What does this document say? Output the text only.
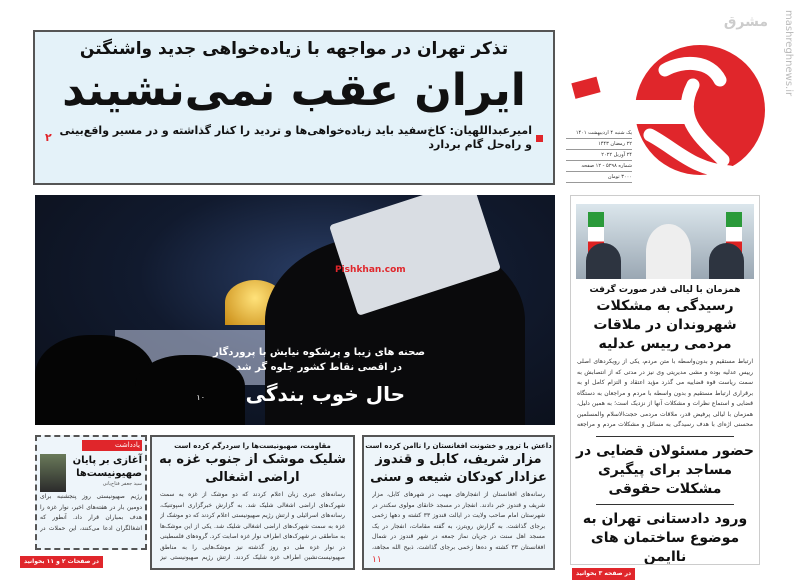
تذکر تهران در مواجهه با زیاده‌خواهی جدید واشنگتن
ایران عقب نمی‌نشیند
امیرعبداللهیان: کاخ‌سفید باید زیاده‌خواهی‌ها و تردید را کنار گذاشته و در مسیر واقع‌بینی و راه‌حل گام بردارد
۲	یک شنبه ۴ اردیبهشت ۱۴۰۱
۲۲ رمضان ۱۴۴۳
۲۴ آوریل ۲۰۲۲
شماره ۵۲۹۸ - ۱۲ صفحه
۳۰۰۰ تومان
mashreghnews.ir
مشرق
Pishkhan.com
صحنه های زیبا و پرشکوه نیایش با پروردگار
در اقصی نقاط کشور جلوه گر شد
حال خوب بندگی
۱۰
همزمان با لیالی قدر صورت گرفت
رسیدگی به مشکلات شهروندان در ملاقات مردمی رییس عدلیه
ارتباط مستقیم و بدون‌واسطه با متن مردم، یکی از رویکردهای اصلی رییس عدلیه بوده و مشی مدیریتی وی نیز در مدتی که از انتصابش به سمت ریاست قوه قضاییه می گذرد مؤید اعتقاد و التزام کامل او به برقراری ارتباط مستقیم و بدون واسطه با مردم و مراجعان به دستگاه قضایی و استماع نظرات و مشکلات آنها از نزدیک است؛ به همین دلیل، همزمان با لیالی پرفیض قدر، ملاقات مردمی حجت‌الاسلام والمسلمین محسنی اژه‌ای با هدف رسیدگی به مسائل و مشکلات مردم و مراجعه
حضور مسئولان قضایی در مساجد برای پیگیری مشکلات حقوقی
ورود دادستانی تهران به موضوع ساختمان های ناایمن
در صفحه ۳ بخوانید
داعش با ترور و خشونت افغانستان را ناامن کرده است
مزار شریف، کابل و قندوز عزادار کودکان شیعه و سنی
رسانه‌های افغانستان از انفجارهای مهیب در شهرهای کابل، مزار شریف و قندوز خبر دادند. انفجار در مسجد خانقای مولوی سکندر در شهرستان امام صاحب ولایت در ایالت قندوز ۳۳ کشته و دهها زخمی برجای گذاشت. به گزارش رویترز، به گفته مقامات، انفجار در یک مسجد اهل سنت در جریان نماز جمعه در شهر قندوز در شمال افغانستان ۳۳ کشته و ده‌ها زخمی برجای گذاشت. ذبیح الله مجاهد،
۱۱
مقاومت، صهیونیست‌ها را سردرگم کرده است
شلیک موشک از جنوب غزه به اراضی اشغالی
رسانه‌های عبری زبان اعلام کردند که دو موشک از غزه به سمت شهرک‌های اراضی اشغالی شلیک شد. به گزارش خبرگزاری اسپوتنیک، رسانه‌های اسرائیلی و ارتش رژیم صهیونیستی اعلام کردند که دو موشک از غزه به سمت شهرک‌های اراضی اشغالی شلیک شد. یکی از این موشک‌ها به مناطقی در شهرک‌های اطراف نوار غزه اصابت کرد. گروه‌های فلسطینی در نوار غزه طی دو روز گذشته نیز موشک‌هایی را به مناطق صهیونیست‌نشین اطراف غزه شلیک کردند. ارتش رژیم صهیونیستی نیز
یادداشت
آغازی بر پایان صهیونیست‌ها
سید جعفر فتاح‌یانی
رژیم صهیونیستی روز پنجشنبه برای دومین بار در هفته‌های اخیر، نوار غزه را هدف بمباران قرار داد. آنطور که اشغالگران ادعا می‌کنند، این حملات در
در صفحات ۲ و ۱۱ بخوانید
